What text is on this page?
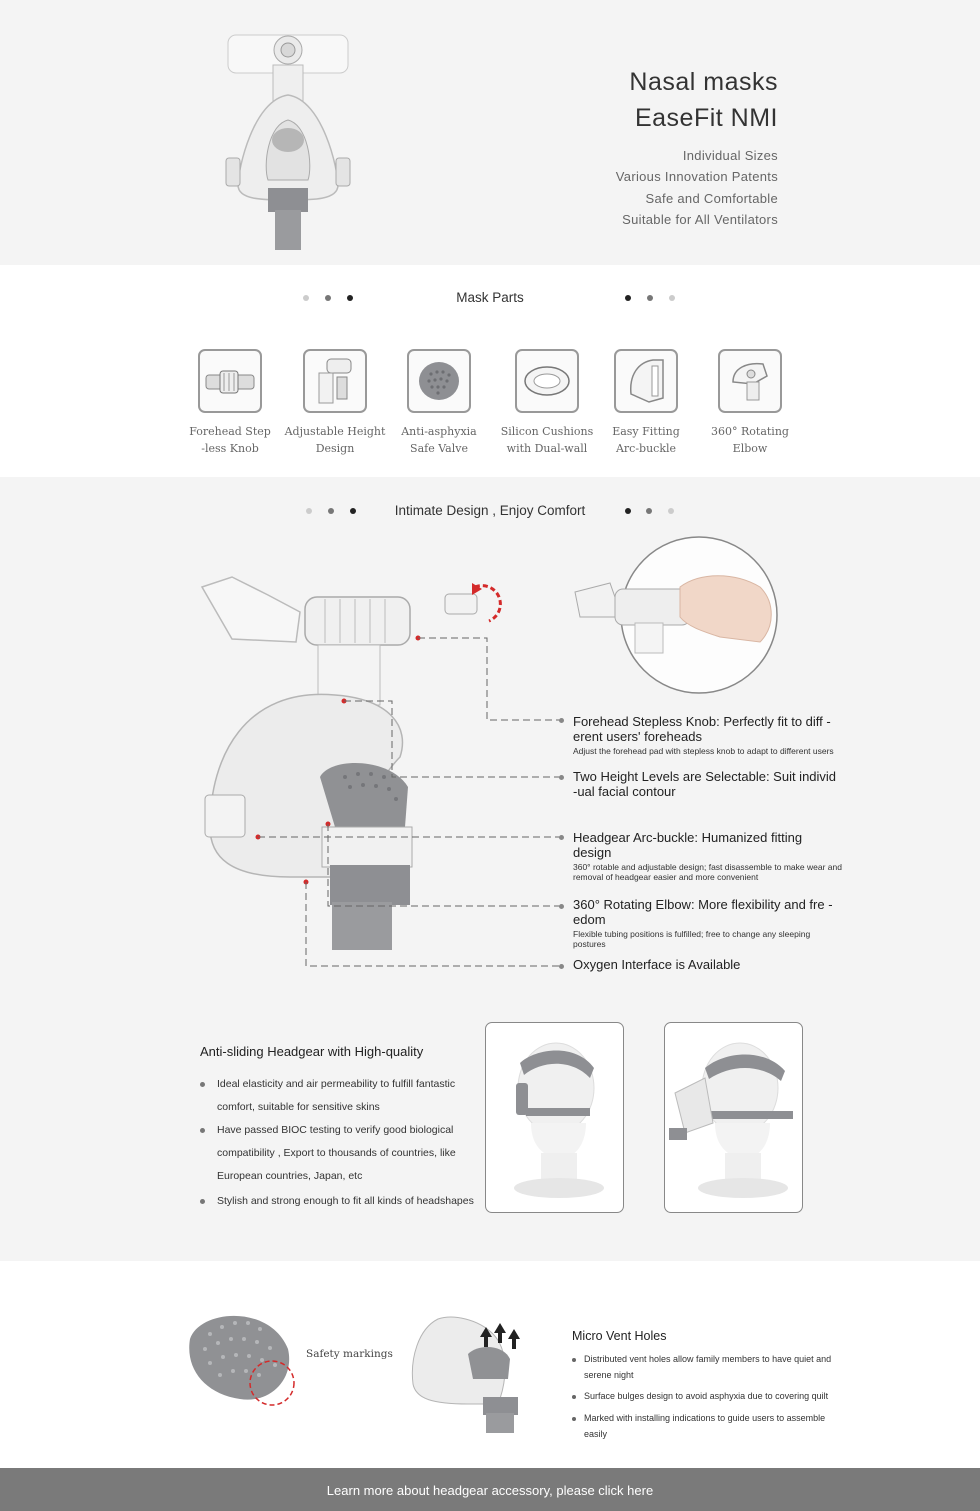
Nasal masks
EaseFit NMI
Individual Sizes
Various Innovation Patents
Safe and Comfortable
Suitable for All Ventilators
Mask Parts
Forehead Step
-less Knob
Adjustable Height
Design
Anti-asphyxia
Safe Valve
Silicon Cushions
with Dual-wall
Easy Fitting
Arc-buckle
360° Rotating
Elbow
Intimate Design , Enjoy Comfort
Forehead Stepless Knob: Perfectly fit to diff -erent users' foreheads
Adjust the forehead pad with stepless knob to adapt to different users
Two Height Levels are Selectable: Suit individ -ual facial contour
Headgear Arc-buckle: Humanized fitting design
360° rotable and adjustable design; fast disassemble to make wear and removal of headgear easier and more convenient
360° Rotating Elbow: More flexibility and fre -edom
Flexible tubing positions is fulfilled; free to change any sleeping postures
Oxygen Interface is Available
Anti-sliding Headgear with High-quality
Ideal elasticity and air permeability to fulfill fantastic
comfort, suitable for sensitive skins
Have passed BIOC testing to verify good biological
compatibility , Export to thousands of countries, like
European countries, Japan, etc
Stylish and strong enough to fit all kinds of headshapes
Safety markings
Micro Vent Holes
Distributed vent holes allow family members to have quiet and
serene night
Surface bulges design to avoid asphyxia due to covering quilt
Marked with installing indications to guide users to assemble
easily
Learn more about headgear accessory, please click here
